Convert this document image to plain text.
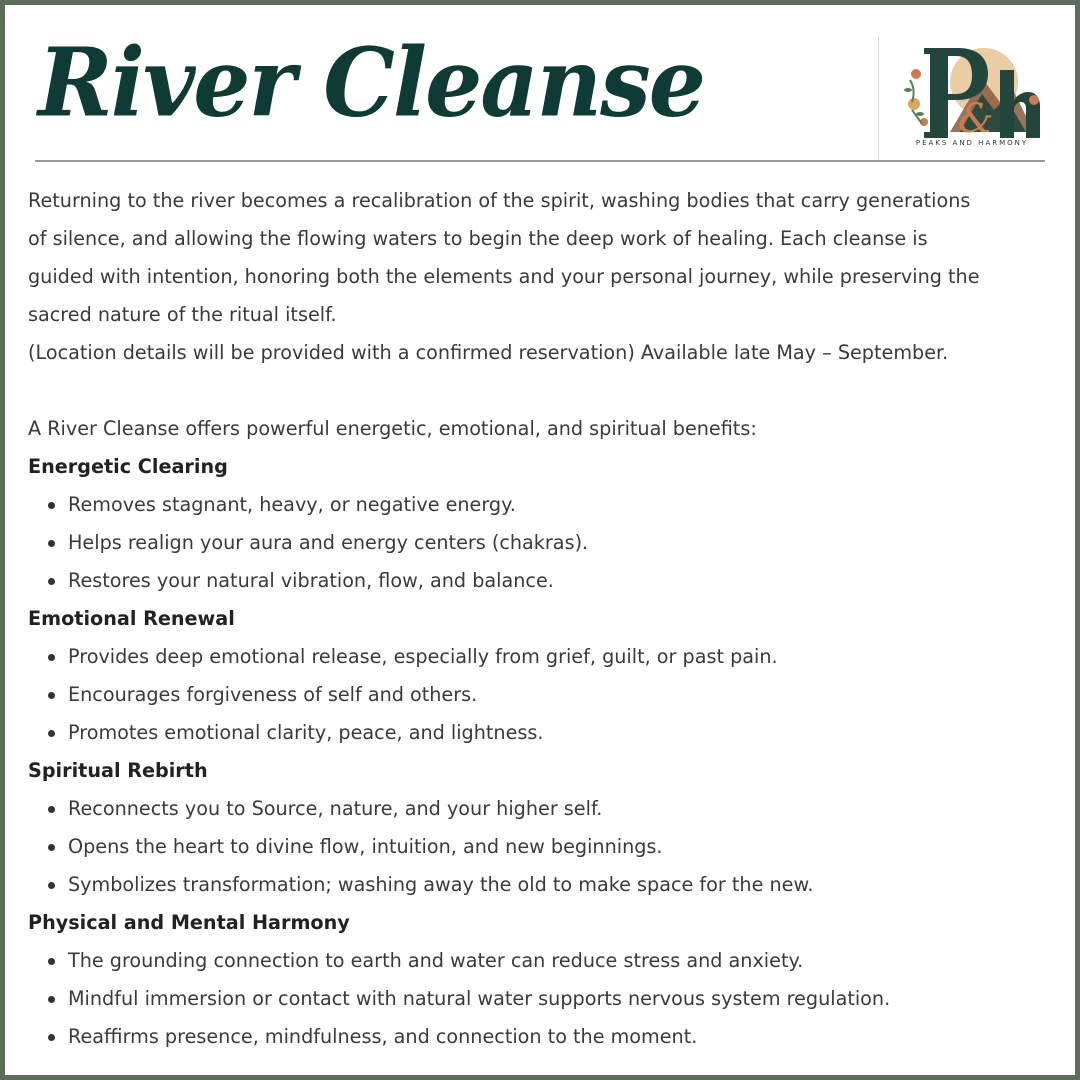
River Cleanse	&
PEAKS AND HARMONY

Returning to the river becomes a recalibration of the spirit, washing bodies that carry generations

of silence, and allowing the flowing waters to begin the deep work of healing. Each cleanse is

guided with intention, honoring both the elements and your personal journey, while preserving the

sacred nature of the ritual itself.

(Location details will be provided with a confirmed reservation) Available late May – September.

A River Cleanse offers powerful energetic, emotional, and spiritual benefits:

Energetic Clearing

Removes stagnant, heavy, or negative energy.
Helps realign your aura and energy centers (chakras).
Restores your natural vibration, flow, and balance.

Emotional Renewal

Provides deep emotional release, especially from grief, guilt, or past pain.
Encourages forgiveness of self and others.
Promotes emotional clarity, peace, and lightness.

Spiritual Rebirth

Reconnects you to Source, nature, and your higher self.
Opens the heart to divine flow, intuition, and new beginnings.
Symbolizes transformation; washing away the old to make space for the new.

Physical and Mental Harmony

The grounding connection to earth and water can reduce stress and anxiety.
Mindful immersion or contact with natural water supports nervous system regulation.
Reaffirms presence, mindfulness, and connection to the moment.
